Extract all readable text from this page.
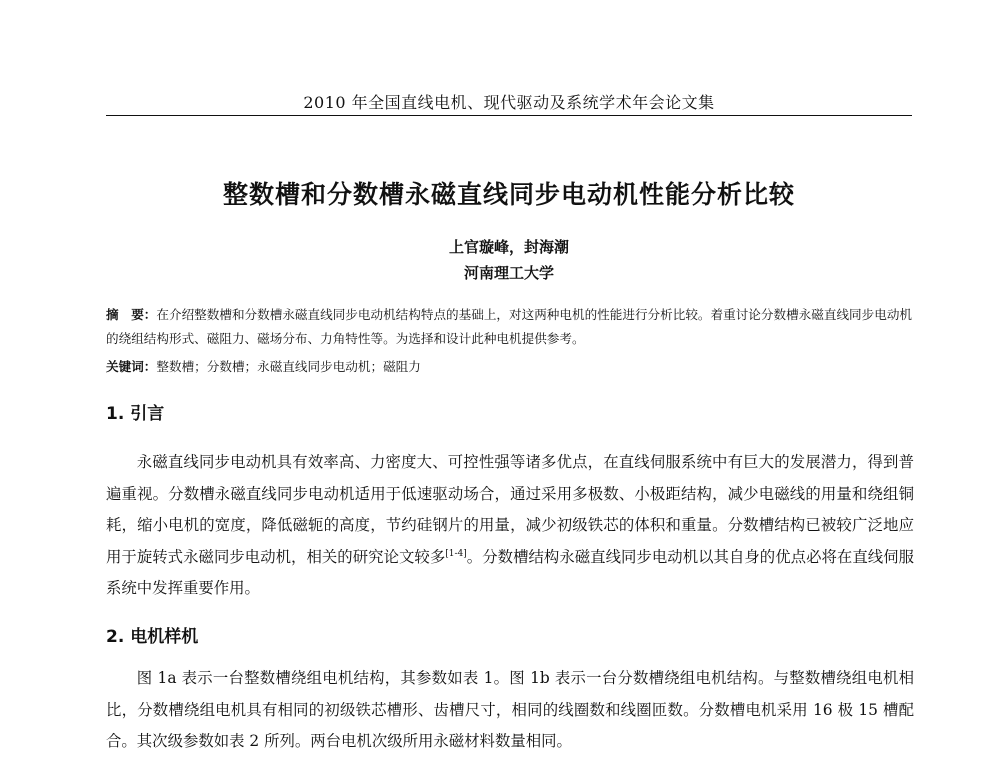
2010 年全国直线电机、现代驱动及系统学术年会论文集
整数槽和分数槽永磁直线同步电动机性能分析比较
上官璇峰，封海潮
河南理工大学
摘　要：在介绍整数槽和分数槽永磁直线同步电动机结构特点的基础上，对这两种电机的性能进行分析比较。着重讨论分数槽永磁直线同步电动机的绕组结构形式、磁阻力、磁场分布、力角特性等。为选择和设计此种电机提供参考。
关键词：整数槽；分数槽；永磁直线同步电动机；磁阻力
1. 引言
永磁直线同步电动机具有效率高、力密度大、可控性强等诸多优点，在直线伺服系统中有巨大的发展潜力，得到普遍重视。分数槽永磁直线同步电动机适用于低速驱动场合，通过采用多极数、小极距结构，减少电磁线的用量和绕组铜耗，缩小电机的宽度，降低磁轭的高度，节约硅钢片的用量，减少初级铁芯的体积和重量。分数槽结构已被较广泛地应用于旋转式永磁同步电动机，相关的研究论文较多[1-4]。分数槽结构永磁直线同步电动机以其自身的优点必将在直线伺服系统中发挥重要作用。
2. 电机样机
图 1a 表示一台整数槽绕组电机结构，其参数如表 1。图 1b 表示一台分数槽绕组电机结构。与整数槽绕组电机相比，分数槽绕组电机具有相同的初级铁芯槽形、齿槽尺寸，相同的线圈数和线圈匝数。分数槽电机采用 16 极 15 槽配合。其次级参数如表 2 所列。两台电机次级所用永磁材料数量相同。
